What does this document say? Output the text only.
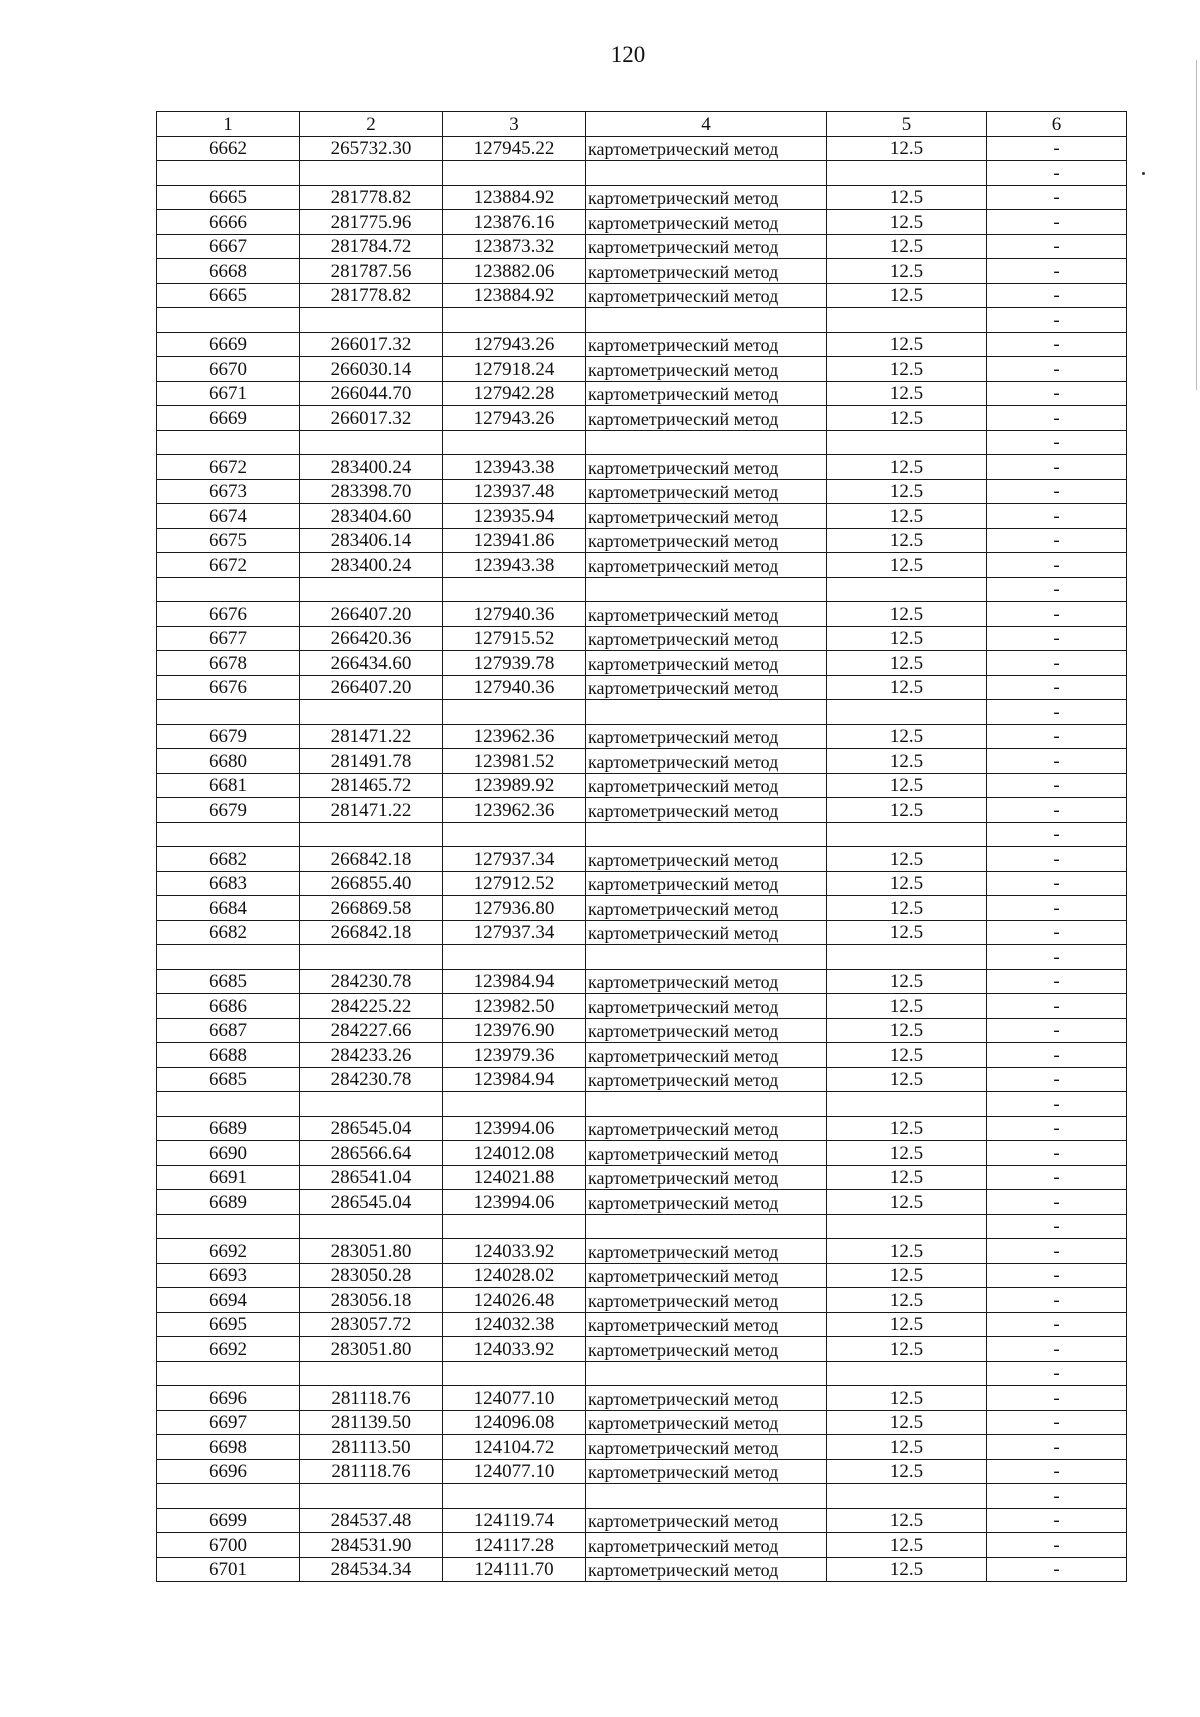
120
1	2	3	4	5	6
6662	265732.30	127945.22	картометрический метод	12.5	-
					-
6665	281778.82	123884.92	картометрический метод	12.5	-
6666	281775.96	123876.16	картометрический метод	12.5	-
6667	281784.72	123873.32	картометрический метод	12.5	-
6668	281787.56	123882.06	картометрический метод	12.5	-
6665	281778.82	123884.92	картометрический метод	12.5	-
					-
6669	266017.32	127943.26	картометрический метод	12.5	-
6670	266030.14	127918.24	картометрический метод	12.5	-
6671	266044.70	127942.28	картометрический метод	12.5	-
6669	266017.32	127943.26	картометрический метод	12.5	-
					-
6672	283400.24	123943.38	картометрический метод	12.5	-
6673	283398.70	123937.48	картометрический метод	12.5	-
6674	283404.60	123935.94	картометрический метод	12.5	-
6675	283406.14	123941.86	картометрический метод	12.5	-
6672	283400.24	123943.38	картометрический метод	12.5	-
					-
6676	266407.20	127940.36	картометрический метод	12.5	-
6677	266420.36	127915.52	картометрический метод	12.5	-
6678	266434.60	127939.78	картометрический метод	12.5	-
6676	266407.20	127940.36	картометрический метод	12.5	-
					-
6679	281471.22	123962.36	картометрический метод	12.5	-
6680	281491.78	123981.52	картометрический метод	12.5	-
6681	281465.72	123989.92	картометрический метод	12.5	-
6679	281471.22	123962.36	картометрический метод	12.5	-
					-
6682	266842.18	127937.34	картометрический метод	12.5	-
6683	266855.40	127912.52	картометрический метод	12.5	-
6684	266869.58	127936.80	картометрический метод	12.5	-
6682	266842.18	127937.34	картометрический метод	12.5	-
					-
6685	284230.78	123984.94	картометрический метод	12.5	-
6686	284225.22	123982.50	картометрический метод	12.5	-
6687	284227.66	123976.90	картометрический метод	12.5	-
6688	284233.26	123979.36	картометрический метод	12.5	-
6685	284230.78	123984.94	картометрический метод	12.5	-
					-
6689	286545.04	123994.06	картометрический метод	12.5	-
6690	286566.64	124012.08	картометрический метод	12.5	-
6691	286541.04	124021.88	картометрический метод	12.5	-
6689	286545.04	123994.06	картометрический метод	12.5	-
					-
6692	283051.80	124033.92	картометрический метод	12.5	-
6693	283050.28	124028.02	картометрический метод	12.5	-
6694	283056.18	124026.48	картометрический метод	12.5	-
6695	283057.72	124032.38	картометрический метод	12.5	-
6692	283051.80	124033.92	картометрический метод	12.5	-
					-
6696	281118.76	124077.10	картометрический метод	12.5	-
6697	281139.50	124096.08	картометрический метод	12.5	-
6698	281113.50	124104.72	картометрический метод	12.5	-
6696	281118.76	124077.10	картометрический метод	12.5	-
					-
6699	284537.48	124119.74	картометрический метод	12.5	-
6700	284531.90	124117.28	картометрический метод	12.5	-
6701	284534.34	124111.70	картометрический метод	12.5	-
